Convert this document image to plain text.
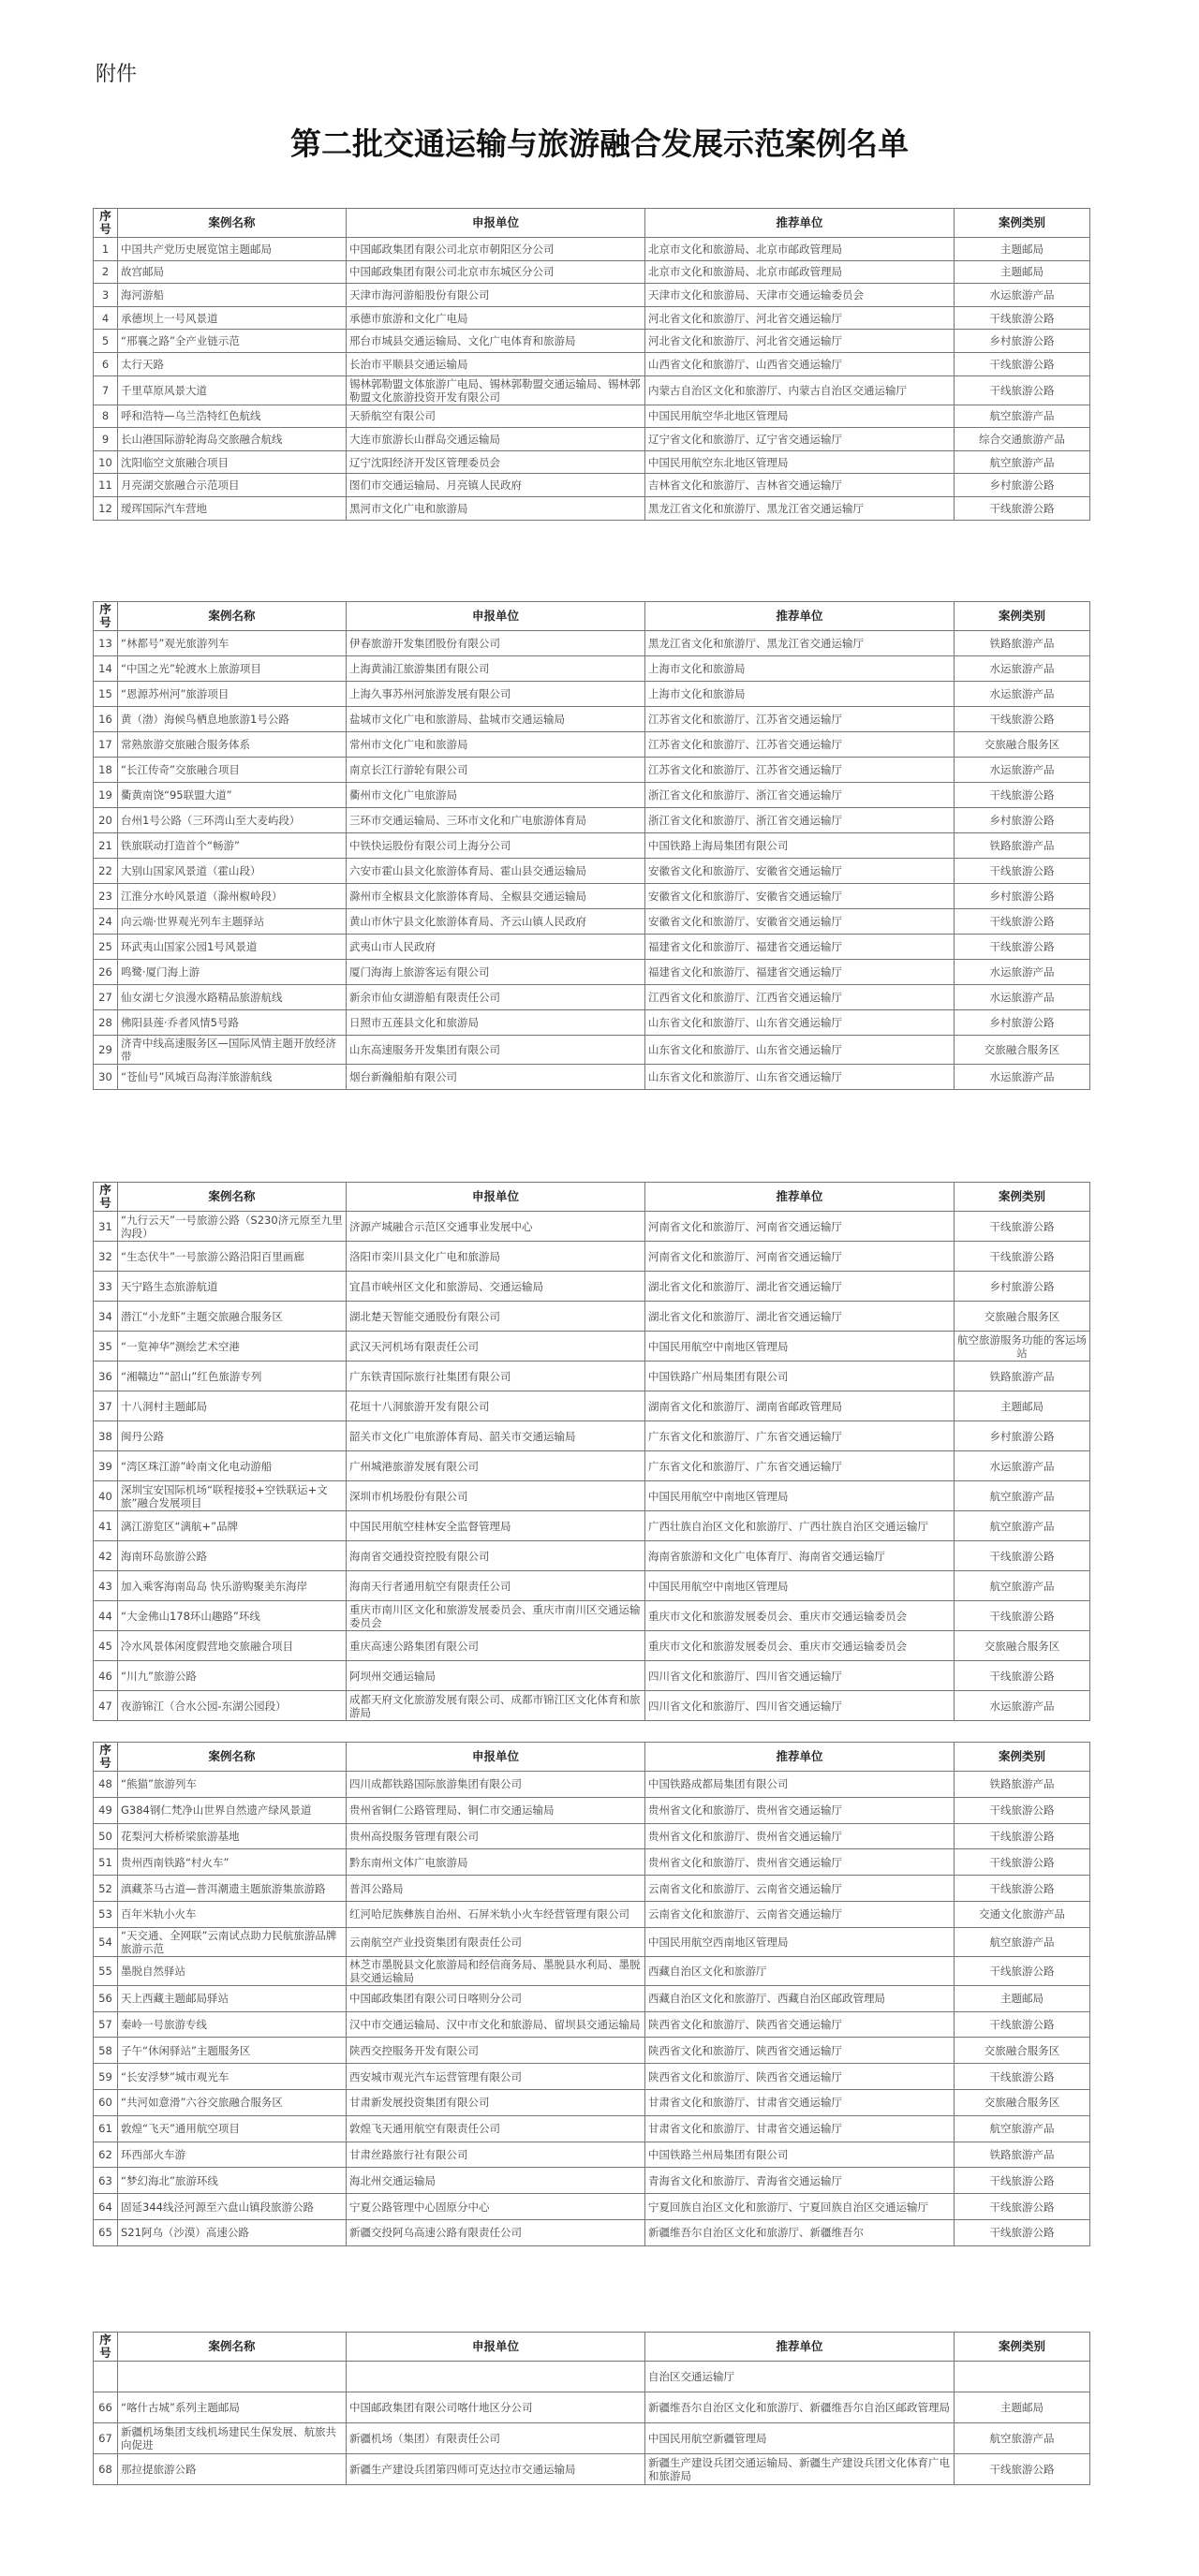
附件
第二批交通运输与旅游融合发展示范案例名单
序号	案例名称	申报单位	推荐单位	案例类别
1	中国共产党历史展览馆主题邮局	中国邮政集团有限公司北京市朝阳区分公司	北京市文化和旅游局、北京市邮政管理局	主题邮局
2	故宫邮局	中国邮政集团有限公司北京市东城区分公司	北京市文化和旅游局、北京市邮政管理局	主题邮局
3	海河游船	天津市海河游船股份有限公司	天津市文化和旅游局、天津市交通运输委员会	水运旅游产品
4	承德坝上一号风景道	承德市旅游和文化广电局	河北省文化和旅游厅、河北省交通运输厅	干线旅游公路
5	“邢襄之路”全产业链示范	邢台市城县交通运输局、文化广电体育和旅游局	河北省文化和旅游厅、河北省交通运输厅	乡村旅游公路
6	太行天路	长治市平顺县交通运输局	山西省文化和旅游厅、山西省交通运输厅	干线旅游公路
7	千里草原风景大道	锡林郭勒盟文体旅游广电局、锡林郭勒盟交通运输局、锡林郭勒盟文化旅游投资开发有限公司	内蒙古自治区文化和旅游厅、内蒙古自治区交通运输厅	干线旅游公路
8	呼和浩特—乌兰浩特红色航线	天骄航空有限公司	中国民用航空华北地区管理局	航空旅游产品
9	长山港国际游轮海岛交旅融合航线	大连市旅游长山群岛交通运输局	辽宁省文化和旅游厅、辽宁省交通运输厅	综合交通旅游产品
10	沈阳临空文旅融合项目	辽宁沈阳经济开发区管理委员会	中国民用航空东北地区管理局	航空旅游产品
11	月亮湖交旅融合示范项目	图们市交通运输局、月亮镇人民政府	吉林省文化和旅游厅、吉林省交通运输厅	乡村旅游公路
12	瑷珲国际汽车营地	黑河市文化广电和旅游局	黑龙江省文化和旅游厅、黑龙江省交通运输厅	干线旅游公路
序号	案例名称	申报单位	推荐单位	案例类别
13	“林都号”观光旅游列车	伊春旅游开发集团股份有限公司	黑龙江省文化和旅游厅、黑龙江省交通运输厅	铁路旅游产品
14	“中国之光”轮渡水上旅游项目	上海黄浦江旅游集团有限公司	上海市文化和旅游局	水运旅游产品
15	“恩源苏州河”旅游项目	上海久事苏州河旅游发展有限公司	上海市文化和旅游局	水运旅游产品
16	黄（渤）海候鸟栖息地旅游1号公路	盐城市文化广电和旅游局、盐城市交通运输局	江苏省文化和旅游厅、江苏省交通运输厅	干线旅游公路
17	常熟旅游交旅融合服务体系	常州市文化广电和旅游局	江苏省文化和旅游厅、江苏省交通运输厅	交旅融合服务区
18	“长江传奇”交旅融合项目	南京长江行游轮有限公司	江苏省文化和旅游厅、江苏省交通运输厅	水运旅游产品
19	衢黄南饶“95联盟大道”	衢州市文化广电旅游局	浙江省文化和旅游厅、浙江省交通运输厅	干线旅游公路
20	台州1号公路（三环湾山至大麦屿段）	三环市交通运输局、三环市文化和广电旅游体育局	浙江省文化和旅游厅、浙江省交通运输厅	乡村旅游公路
21	铁旅联动打造首个“畅游”	中铁快运股份有限公司上海分公司	中国铁路上海局集团有限公司	铁路旅游产品
22	大别山国家风景道（霍山段）	六安市霍山县文化旅游体育局、霍山县交通运输局	安徽省文化和旅游厅、安徽省交通运输厅	干线旅游公路
23	江淮分水岭风景道（滁州椒岭段）	滁州市全椒县文化旅游体育局、全椒县交通运输局	安徽省文化和旅游厅、安徽省交通运输厅	乡村旅游公路
24	向云端·世界观光列车主题驿站	黄山市休宁县文化旅游体育局、齐云山镇人民政府	安徽省文化和旅游厅、安徽省交通运输厅	干线旅游公路
25	环武夷山国家公园1号风景道	武夷山市人民政府	福建省文化和旅游厅、福建省交通运输厅	干线旅游公路
26	鸣鹭·厦门海上游	厦门海海上旅游客运有限公司	福建省文化和旅游厅、福建省交通运输厅	水运旅游产品
27	仙女湖七夕浪漫水路精品旅游航线	新余市仙女湖游船有限责任公司	江西省文化和旅游厅、江西省交通运输厅	水运旅游产品
28	佛阳县莲·乔者风情5号路	日照市五莲县文化和旅游局	山东省文化和旅游厅、山东省交通运输厅	乡村旅游公路
29	济青中线高速服务区—国际风情主题开放经济带	山东高速服务开发集团有限公司	山东省文化和旅游厅、山东省交通运输厅	交旅融合服务区
30	“苍仙号”风城百岛海洋旅游航线	烟台新瀚船舶有限公司	山东省文化和旅游厅、山东省交通运输厅	水运旅游产品
序号	案例名称	申报单位	推荐单位	案例类别
31	“九行云天”一号旅游公路（S230济元原至九里沟段）	济源产城融合示范区交通事业发展中心	河南省文化和旅游厅、河南省交通运输厅	干线旅游公路
32	“生态伏牛”一号旅游公路沿阳百里画廊	洛阳市栾川县文化广电和旅游局	河南省文化和旅游厅、河南省交通运输厅	干线旅游公路
33	天宁路生态旅游航道	宜昌市峡州区文化和旅游局、交通运输局	湖北省文化和旅游厅、湖北省交通运输厅	乡村旅游公路
34	潜江“小龙虾”主题交旅融合服务区	湖北楚天智能交通股份有限公司	湖北省文化和旅游厅、湖北省交通运输厅	交旅融合服务区
35	“一览神华”测绘艺术空港	武汉天河机场有限责任公司	中国民用航空中南地区管理局	航空旅游服务功能的客运场站
36	“湘赣边”“韶山”红色旅游专列	广东铁青国际旅行社集团有限公司	中国铁路广州局集团有限公司	铁路旅游产品
37	十八洞村主题邮局	花垣十八洞旅游开发有限公司	湖南省文化和旅游厅、湖南省邮政管理局	主题邮局
38	闽丹公路	韶关市文化广电旅游体育局、韶关市交通运输局	广东省文化和旅游厅、广东省交通运输厅	乡村旅游公路
39	“湾区珠江游”岭南文化电动游船	广州城港旅游发展有限公司	广东省文化和旅游厅、广东省交通运输厅	水运旅游产品
40	深圳宝安国际机场“联程接驳+空铁联运+文旅”融合发展项目	深圳市机场股份有限公司	中国民用航空中南地区管理局	航空旅游产品
41	漓江游览区“漓航+”品牌	中国民用航空桂林安全监督管理局	广西壮族自治区文化和旅游厅、广西壮族自治区交通运输厅	航空旅游产品
42	海南环岛旅游公路	海南省交通投资控股有限公司	海南省旅游和文化广电体育厅、海南省交通运输厅	干线旅游公路
43	加入乘客海南岛岛 快乐游购聚美东海岸	海南天行者通用航空有限责任公司	中国民用航空中南地区管理局	航空旅游产品
44	“大金佛山178环山趣路”环线	重庆市南川区文化和旅游发展委员会、重庆市南川区交通运输委员会	重庆市文化和旅游发展委员会、重庆市交通运输委员会	干线旅游公路
45	冷水风景体闲度假营地交旅融合项目	重庆高速公路集团有限公司	重庆市文化和旅游发展委员会、重庆市交通运输委员会	交旅融合服务区
46	“川九”旅游公路	阿坝州交通运输局	四川省文化和旅游厅、四川省交通运输厅	干线旅游公路
47	夜游锦江（合水公园-东湖公园段）	成都天府文化旅游发展有限公司、成都市锦江区文化体育和旅游局	四川省文化和旅游厅、四川省交通运输厅	水运旅游产品
序号	案例名称	申报单位	推荐单位	案例类别
48	“熊猫”旅游列车	四川成都铁路国际旅游集团有限公司	中国铁路成都局集团有限公司	铁路旅游产品
49	G384钢仁梵净山世界自然遗产绿风景道	贵州省铜仁公路管理局、铜仁市交通运输局	贵州省文化和旅游厅、贵州省交通运输厅	干线旅游公路
50	花梨河大桥桥梁旅游基地	贵州高投服务管理有限公司	贵州省文化和旅游厅、贵州省交通运输厅	干线旅游公路
51	贵州西南铁路“村火车”	黔东南州文体广电旅游局	贵州省文化和旅游厅、贵州省交通运输厅	干线旅游公路
52	滇藏茶马古道—普洱潮遗主题旅游集旅游路	普洱公路局	云南省文化和旅游厅、云南省交通运输厅	干线旅游公路
53	百年米轨小火车	红河哈尼族彝族自治州、石屏米轨小火车经营管理有限公司	云南省文化和旅游厅、云南省交通运输厅	交通文化旅游产品
54	“天交通、全网联”云南试点助力民航旅游品牌旅游示范	云南航空产业投资集团有限责任公司	中国民用航空西南地区管理局	航空旅游产品
55	墨脱自然驿站	林芝市墨脱县文化旅游局和经信商务局、墨脱县水利局、墨脱县交通运输局	西藏自治区文化和旅游厅	干线旅游公路
56	天上西藏主题邮局驿站	中国邮政集团有限公司日喀则分公司	西藏自治区文化和旅游厅、西藏自治区邮政管理局	主题邮局
57	秦岭一号旅游专线	汉中市交通运输局、汉中市文化和旅游局、留坝县交通运输局	陕西省文化和旅游厅、陕西省交通运输厅	干线旅游公路
58	子午“休闲驿站”主题服务区	陕西交控服务开发有限公司	陕西省文化和旅游厅、陕西省交通运输厅	交旅融合服务区
59	“长安浮梦”城市观光车	西安城市观光汽车运营管理有限公司	陕西省文化和旅游厅、陕西省交通运输厅	干线旅游公路
60	“共河如意滑”六谷交旅融合服务区	甘肃新发展投资集团有限公司	甘肃省文化和旅游厅、甘肃省交通运输厅	交旅融合服务区
61	敦煌“飞天”通用航空项目	敦煌飞天通用航空有限责任公司	甘肃省文化和旅游厅、甘肃省交通运输厅	航空旅游产品
62	环西部火车游	甘肃丝路旅行社有限公司	中国铁路兰州局集团有限公司	铁路旅游产品
63	“梦幻海北”旅游环线	海北州交通运输局	青海省文化和旅游厅、青海省交通运输厅	干线旅游公路
64	固延344线泾河源至六盘山镇段旅游公路	宁夏公路管理中心固原分中心	宁夏回族自治区文化和旅游厅、宁夏回族自治区交通运输厅	干线旅游公路
65	S21阿乌（沙漠）高速公路	新疆交投阿乌高速公路有限责任公司	新疆维吾尔自治区文化和旅游厅、新疆维吾尔	干线旅游公路
序号	案例名称	申报单位	推荐单位	案例类别
			自治区交通运输厅	
66	“喀什古城”系列主题邮局	中国邮政集团有限公司喀什地区分公司	新疆维吾尔自治区文化和旅游厅、新疆维吾尔自治区邮政管理局	主题邮局
67	新疆机场集团支线机场建民生保发展、航旅共向促进	新疆机场（集团）有限责任公司	中国民用航空新疆管理局	航空旅游产品
68	那拉提旅游公路	新疆生产建设兵团第四师可克达拉市交通运输局	新疆生产建设兵团交通运输局、新疆生产建设兵团文化体育广电和旅游局	干线旅游公路
